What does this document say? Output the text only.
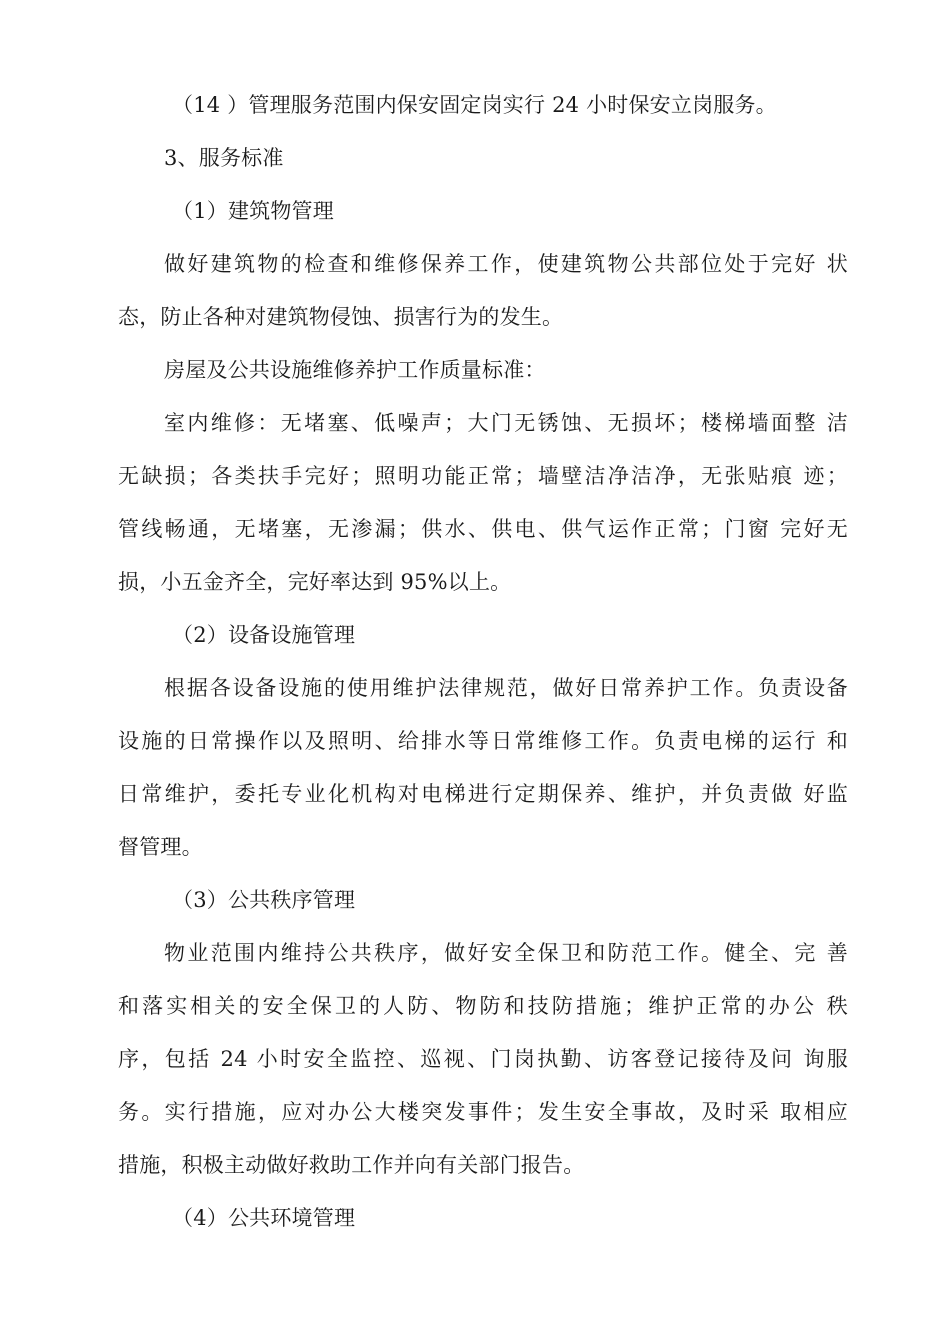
（14 ）管理服务范围内保安固定岗实行 24 小时保安立岗服务。
3、服务标准
（1）建筑物管理
做好建筑物的检查和维修保养工作，使建筑物公共部位处于完好 状
态，防止各种对建筑物侵蚀、损害行为的发生。
房屋及公共设施维修养护工作质量标准：
室内维修：无堵塞、低噪声；大门无锈蚀、无损坏；楼梯墙面整 洁
无缺损；各类扶手完好；照明功能正常；墙壁洁净洁净，无张贴痕 迹；
管线畅通，无堵塞，无渗漏；供水、供电、供气运作正常；门窗 完好无
损，小五金齐全，完好率达到 95%以上。
（2）设备设施管理
根据各设备设施的使用维护法律规范，做好日常养护工作。负责设备
设施的日常操作以及照明、给排水等日常维修工作。负责电梯的运行 和
日常维护，委托专业化机构对电梯进行定期保养、维护，并负责做 好监
督管理。
（3）公共秩序管理
物业范围内维持公共秩序，做好安全保卫和防范工作。健全、完 善
和落实相关的安全保卫的人防、物防和技防措施；维护正常的办公 秩
序，包括 24 小时安全监控、巡视、门岗执勤、访客登记接待及问 询服
务。实行措施，应对办公大楼突发事件；发生安全事故，及时采 取相应
措施，积极主动做好救助工作并向有关部门报告。
（4）公共环境管理
